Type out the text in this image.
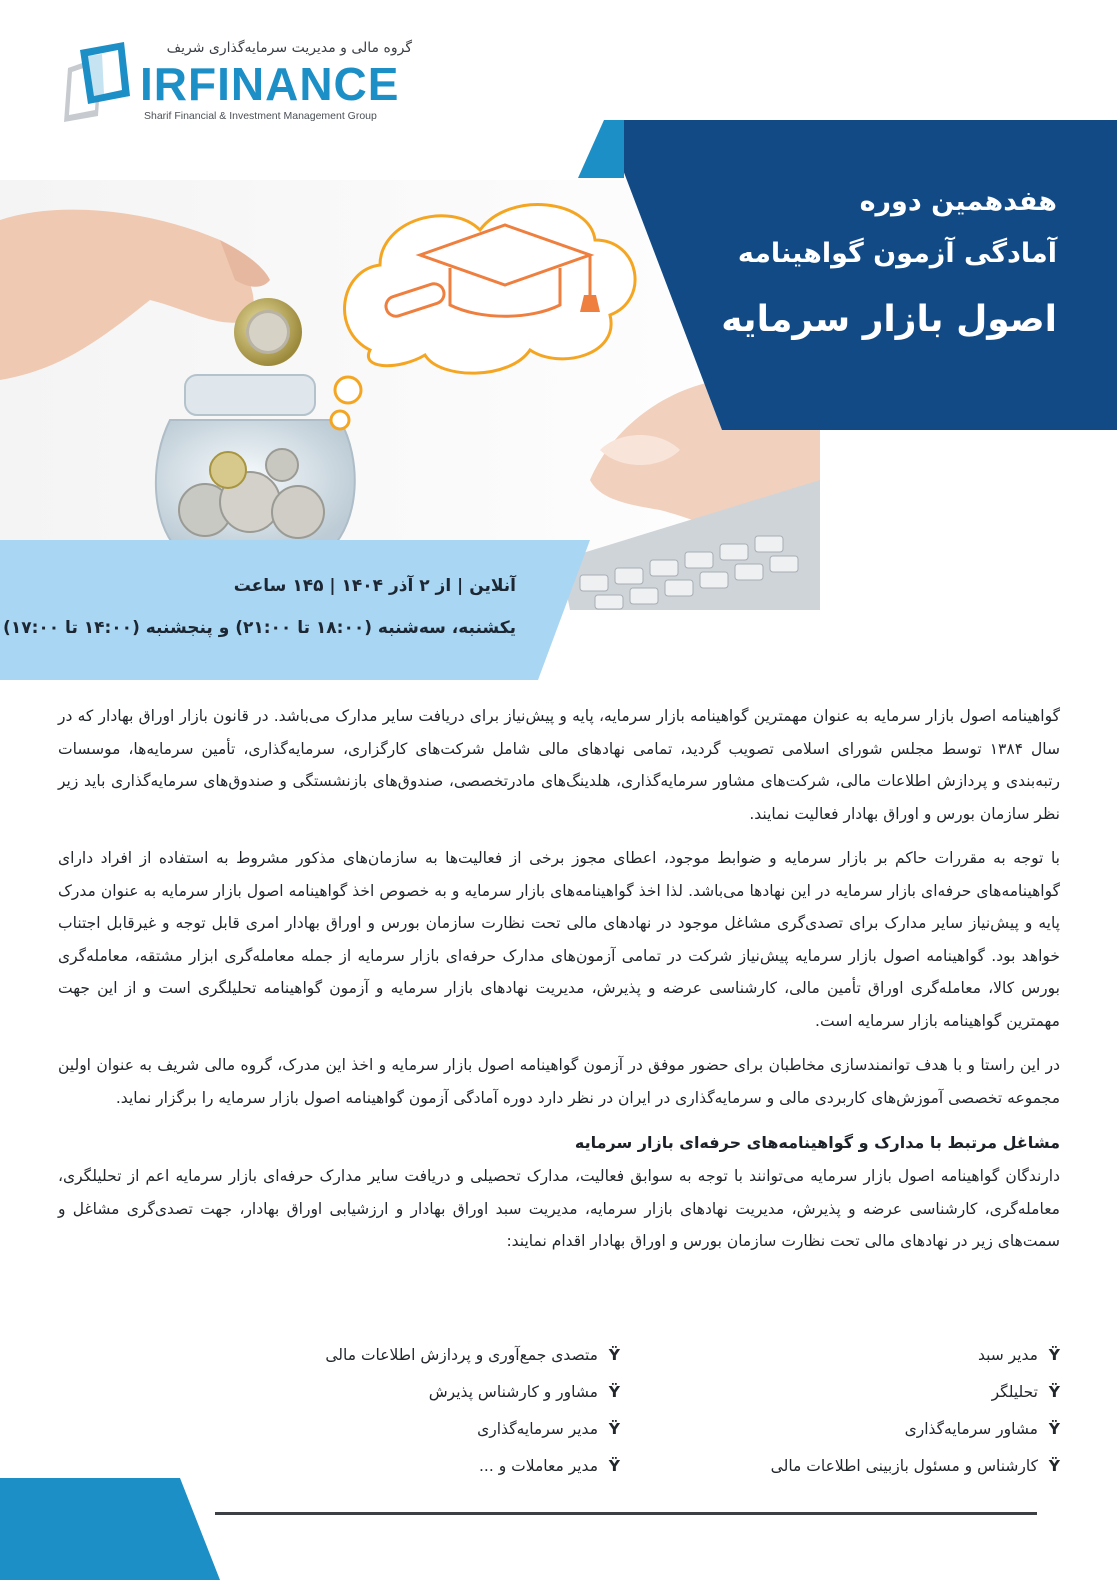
گروه مالی و مدیریت سرمایه‌گذاری شریف
IRFINANCE
Sharif Financial & Investment Management Group
هفدهمین دوره
آمادگی آزمون گواهینامه
اصول بازار سرمایه
آنلاین | از ۲ آذر ۱۴۰۴ | ۱۴۵ ساعت
یکشنبه، سه‌شنبه (۱۸:۰۰ تا ۲۱:۰۰) و پنجشنبه (۱۴:۰۰ تا ۱۷:۰۰)

گواهینامه اصول بازار سرمایه به عنوان مهمترین گواهینامه بازار سرمایه، پایه و پیش‌نیاز برای دریافت سایر مدارک می‌باشد. در قانون بازار اوراق بهادار که در سال ۱۳۸۴ توسط مجلس شورای اسلامی تصویب گردید، تمامی نهادهای مالی شامل شرکت‌های کارگزاری، سرمایه‌گذاری، تأمین سرمایه‌ها، موسسات رتبه‌بندی و پردازش اطلاعات مالی، شرکت‌های مشاور سرمایه‌گذاری، هلدینگ‌های مادرتخصصی، صندوق‌های بازنشستگی و صندوق‌های سرمایه‌گذاری باید زیر نظر سازمان بورس و اوراق بهادار فعالیت نمایند.

با توجه به مقررات حاکم بر بازار سرمایه و ضوابط موجود، اعطای مجوز برخی از فعالیت‌ها به سازمان‌های مذکور مشروط به استفاده از افراد دارای گواهینامه‌های حرفه‌ای بازار سرمایه در این نهادها می‌باشد. لذا اخذ گواهینامه‌های بازار سرمایه و به خصوص اخذ گواهینامه اصول بازار سرمایه به عنوان مدرک پایه و پیش‌نیاز سایر مدارک برای تصدی‌گری مشاغل موجود در نهادهای مالی تحت نظارت سازمان بورس و اوراق بهادار امری قابل توجه و غیرقابل اجتناب خواهد بود. گواهینامه اصول بازار سرمایه پیش‌نیاز شرکت در تمامی آزمون‌های مدارک حرفه‌ای بازار سرمایه از جمله معامله‌گری ابزار مشتقه، معامله‌گری بورس کالا، معامله‌گری اوراق تأمین مالی، کارشناسی عرضه و پذیرش، مدیریت نهادهای بازار سرمایه و آزمون گواهینامه تحلیلگری است و از این جهت مهمترین گواهینامه بازار سرمایه است.

در این راستا و با هدف توانمندسازی مخاطبان برای حضور موفق در آزمون گواهینامه اصول بازار سرمایه و اخذ این مدرک، گروه مالی شریف به عنوان اولین مجموعه تخصصی آموزش‌های کاربردی مالی و سرمایه‌گذاری در ایران در نظر دارد دوره آمادگی آزمون گواهینامه اصول بازار سرمایه را برگزار نماید.

مشاغل مرتبط با مدارک و گواهینامه‌های حرفه‌ای بازار سرمایه

دارندگان گواهینامه اصول بازار سرمایه می‌توانند با توجه به سوابق فعالیت، مدارک تحصیلی و دریافت سایر مدارک حرفه‌ای بازار سرمایه اعم از تحلیلگری، معامله‌گری، کارشناسی عرضه و پذیرش، مدیریت نهادهای بازار سرمایه، مدیریت سبد اوراق بهادار و ارزشیابی اوراق بهادار، جهت تصدی‌گری مشاغل و سمت‌های زیر در نهادهای مالی تحت نظارت سازمان بورس و اوراق بهادار اقدام نمایند:

Ÿمدیر سبد
Ÿتحلیلگر
Ÿمشاور سرمایه‌گذاری
Ÿکارشناس و مسئول بازبینی اطلاعات مالی
Ÿمتصدی جمع‌آوری و پردازش اطلاعات مالی
Ÿمشاور و کارشناس پذیرش
Ÿمدیر سرمایه‌گذاری
Ÿمدیر معاملات و ...
